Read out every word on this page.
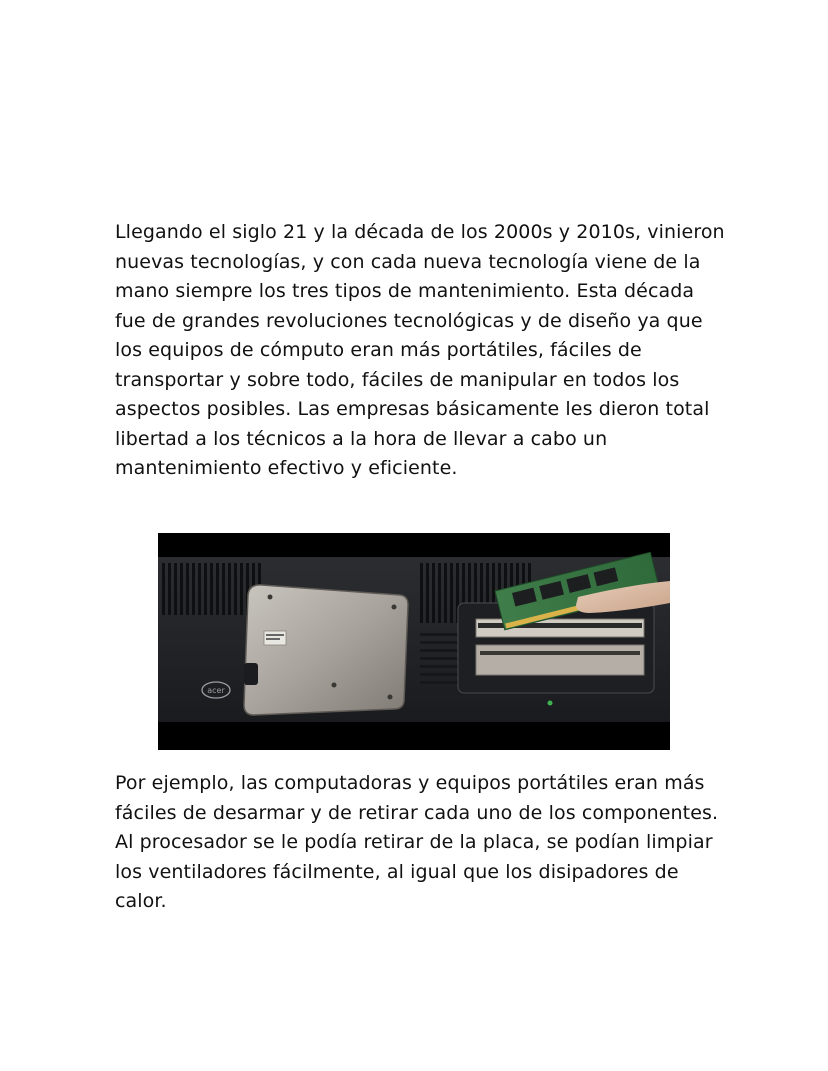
Llegando el siglo 21 y la década de los 2000s y 2010s, vinieron nuevas tecnologías, y con cada nueva tecnología viene de la mano siempre los tres tipos de mantenimiento. Esta década fue de grandes revoluciones tecnológicas y de diseño ya que los equipos de cómputo eran más portátiles, fáciles de transportar y sobre todo, fáciles de manipular en todos los aspectos posibles. Las empresas básicamente les dieron total libertad a los técnicos a la hora de llevar a cabo un mantenimiento efectivo y eficiente.

acer

Por ejemplo, las computadoras y equipos portátiles eran más fáciles de desarmar y de retirar cada uno de los componentes. Al procesador se le podía retirar de la placa, se podían limpiar los ventiladores fácilmente, al igual que los disipadores de calor.
